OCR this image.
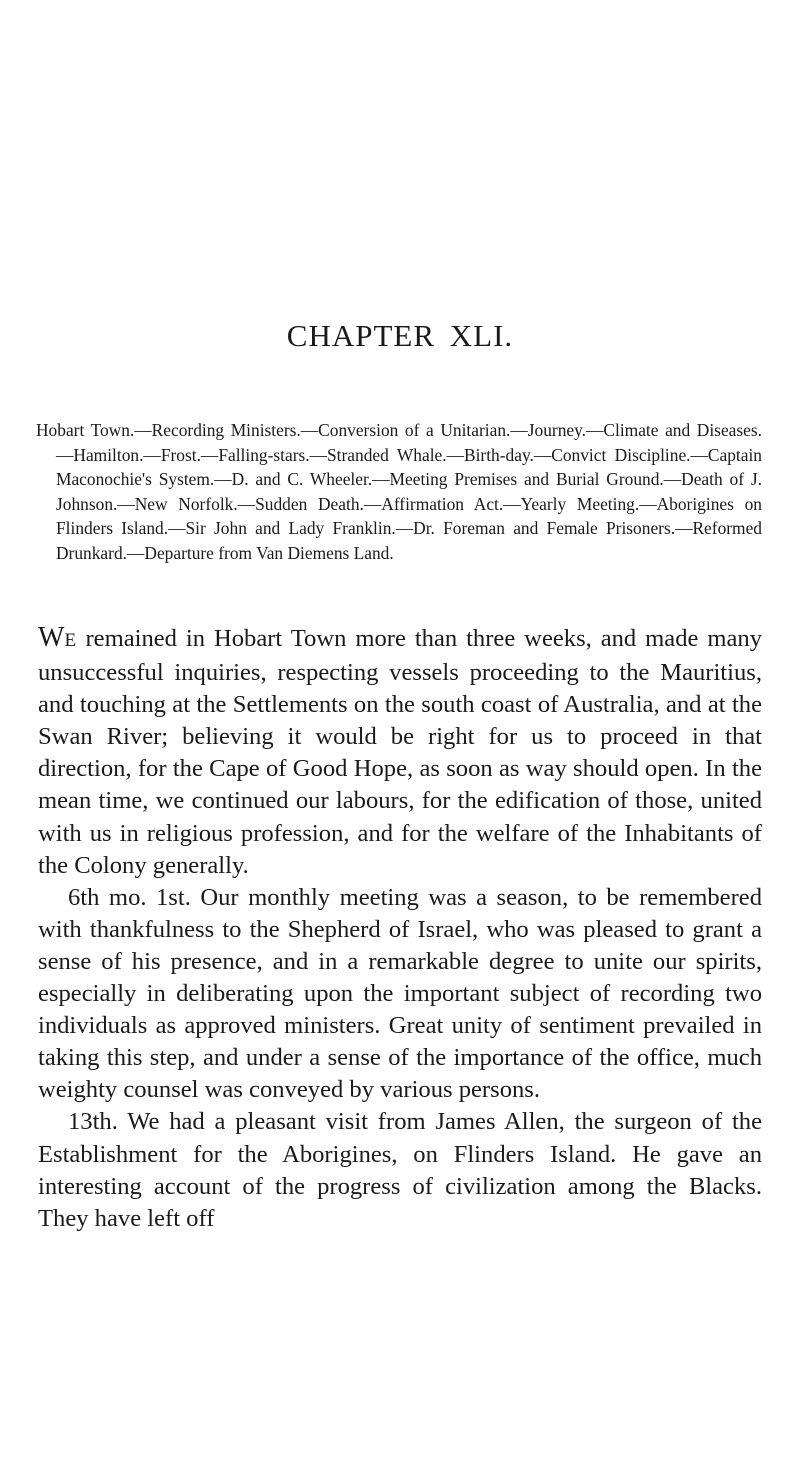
CHAPTER XLI.

Hobart Town.—Recording Ministers.—Conversion of a Unitarian.—Journey.—Climate and Diseases.—Hamilton.—Frost.—Falling-stars.—Stranded Whale.—Birth-day.—Convict Discipline.—Captain Maconochie's System.—D. and C. Wheeler.—Meeting Premises and Burial Ground.—Death of J. Johnson.—New Norfolk.—Sudden Death.—Affirmation Act.—Yearly Meeting.—Aborigines on Flinders Island.—Sir John and Lady Franklin.—Dr. Foreman and Female Prisoners.—Reformed Drunkard.—Departure from Van Diemens Land.

WE remained in Hobart Town more than three weeks, and made many unsuccessful inquiries, respecting vessels proceeding to the Mauritius, and touching at the Settlements on the south coast of Australia, and at the Swan River; believing it would be right for us to proceed in that direction, for the Cape of Good Hope, as soon as way should open. In the mean time, we continued our labours, for the edification of those, united with us in religious profession, and for the welfare of the Inhabitants of the Colony generally.

6th mo. 1st. Our monthly meeting was a season, to be remembered with thankfulness to the Shepherd of Israel, who was pleased to grant a sense of his presence, and in a remarkable degree to unite our spirits, especially in deliberating upon the important subject of recording two individuals as approved ministers. Great unity of sentiment prevailed in taking this step, and under a sense of the importance of the office, much weighty counsel was conveyed by various persons.

13th. We had a pleasant visit from James Allen, the surgeon of the Establishment for the Aborigines, on Flinders Island. He gave an interesting account of the progress of civilization among the Blacks. They have left off
